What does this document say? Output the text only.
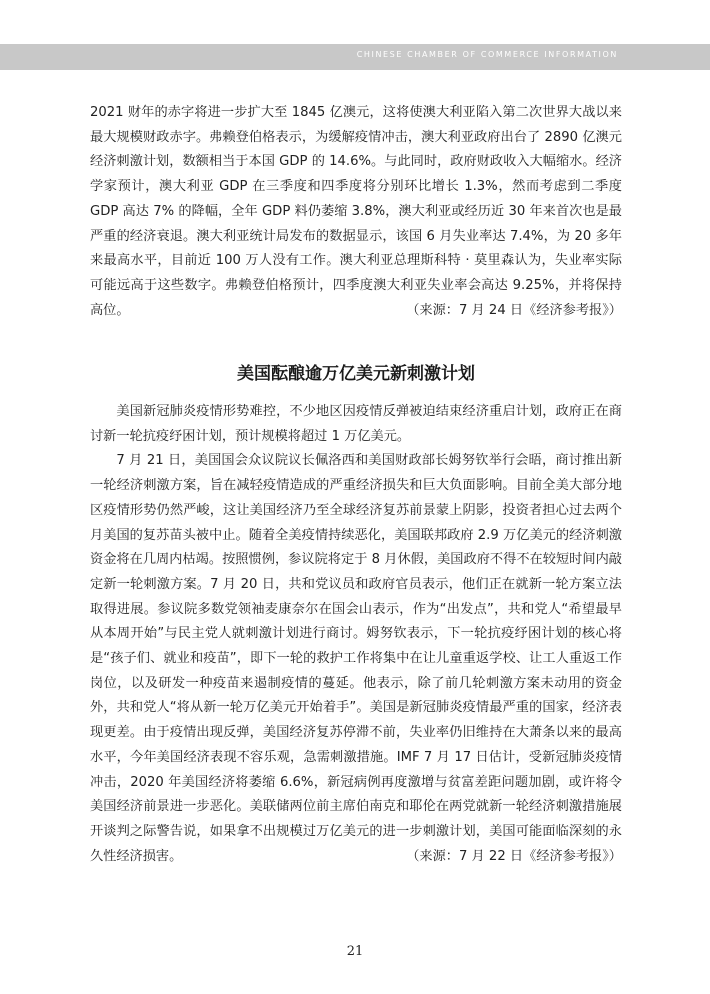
CHINESE CHAMBER OF COMMERCE INFORMATION

2021 财年的赤字将进一步扩大至 1845 亿澳元，这将使澳大利亚陷入第二次世界大战以来最大规模财政赤字。弗赖登伯格表示，为缓解疫情冲击，澳大利亚政府出台了 2890 亿澳元经济刺激计划，数额相当于本国 GDP 的 14.6%。与此同时，政府财政收入大幅缩水。经济学家预计，澳大利亚 GDP 在三季度和四季度将分别环比增长 1.3%，然而考虑到二季度 GDP 高达 7% 的降幅，全年 GDP 料仍萎缩 3.8%，澳大利亚或经历近 30 年来首次也是最严重的经济衰退。澳大利亚统计局发布的数据显示，该国 6 月失业率达 7.4%，为 20 多年来最高水平，目前近 100 万人没有工作。澳大利亚总理斯科特 · 莫里森认为，失业率实际可能远高于这些数字。弗赖登伯格预计，四季度澳大利亚失业率会高达 9.25%，并将保持高位。	（来源：7 月 24 日《经济参考报》）

美国酝酿逾万亿美元新刺激计划

美国新冠肺炎疫情形势难控，不少地区因疫情反弹被迫结束经济重启计划，政府正在商讨新一轮抗疫纾困计划，预计规模将超过 1 万亿美元。

7 月 21 日，美国国会众议院议长佩洛西和美国财政部长姆努钦举行会晤，商讨推出新一轮经济刺激方案，旨在减轻疫情造成的严重经济损失和巨大负面影响。目前全美大部分地区疫情形势仍然严峻，这让美国经济乃至全球经济复苏前景蒙上阴影，投资者担心过去两个月美国的复苏苗头被中止。随着全美疫情持续恶化，美国联邦政府 2.9 万亿美元的经济刺激资金将在几周内枯竭。按照惯例，参议院将定于 8 月休假，美国政府不得不在较短时间内敲定新一轮刺激方案。7 月 20 日，共和党议员和政府官员表示，他们正在就新一轮方案立法取得进展。参议院多数党领袖麦康奈尔在国会山表示，作为“出发点”，共和党人“希望最早从本周开始”与民主党人就刺激计划进行商讨。姆努钦表示，下一轮抗疫纾困计划的核心将是“孩子们、就业和疫苗”，即下一轮的救护工作将集中在让儿童重返学校、让工人重返工作岗位，以及研发一种疫苗来遏制疫情的蔓延。他表示，除了前几轮刺激方案未动用的资金外，共和党人“将从新一轮万亿美元开始着手”。美国是新冠肺炎疫情最严重的国家，经济表现更差。由于疫情出现反弹，美国经济复苏停滞不前，失业率仍旧维持在大萧条以来的最高水平，今年美国经济表现不容乐观，急需刺激措施。IMF 7 月 17 日估计，受新冠肺炎疫情冲击，2020 年美国经济将萎缩 6.6%，新冠病例再度激增与贫富差距问题加剧，或许将令美国经济前景进一步恶化。美联储两位前主席伯南克和耶伦在两党就新一轮经济刺激措施展开谈判之际警告说，如果拿不出规模过万亿美元的进一步刺激计划，美国可能面临深刻的永久性经济损害。	（来源：7 月 22 日《经济参考报》）

21
